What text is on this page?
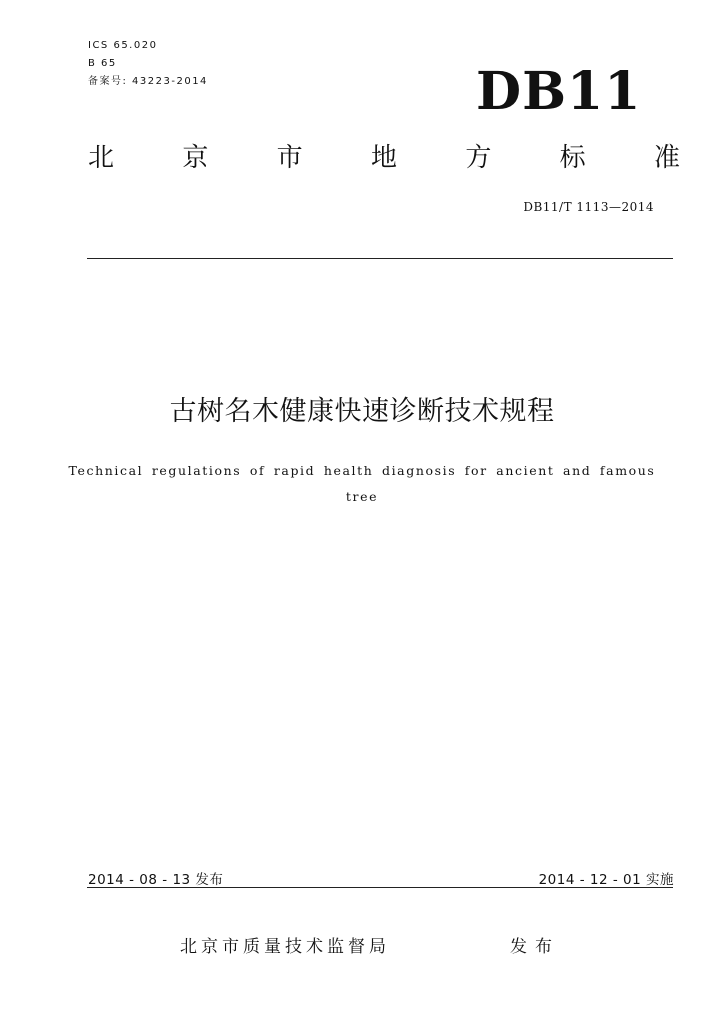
ICS 65.020
B 65
备案号: 43223-2014	DB11
北	京	市	地	方	标	准
DB11/T 1113—2014
古树名木健康快速诊断技术规程
Technical regulations of rapid health diagnosis for ancient and famous tree
2014 - 08 - 13 发布	2014 - 12 - 01 实施
北京市质量技术监督局	发布
